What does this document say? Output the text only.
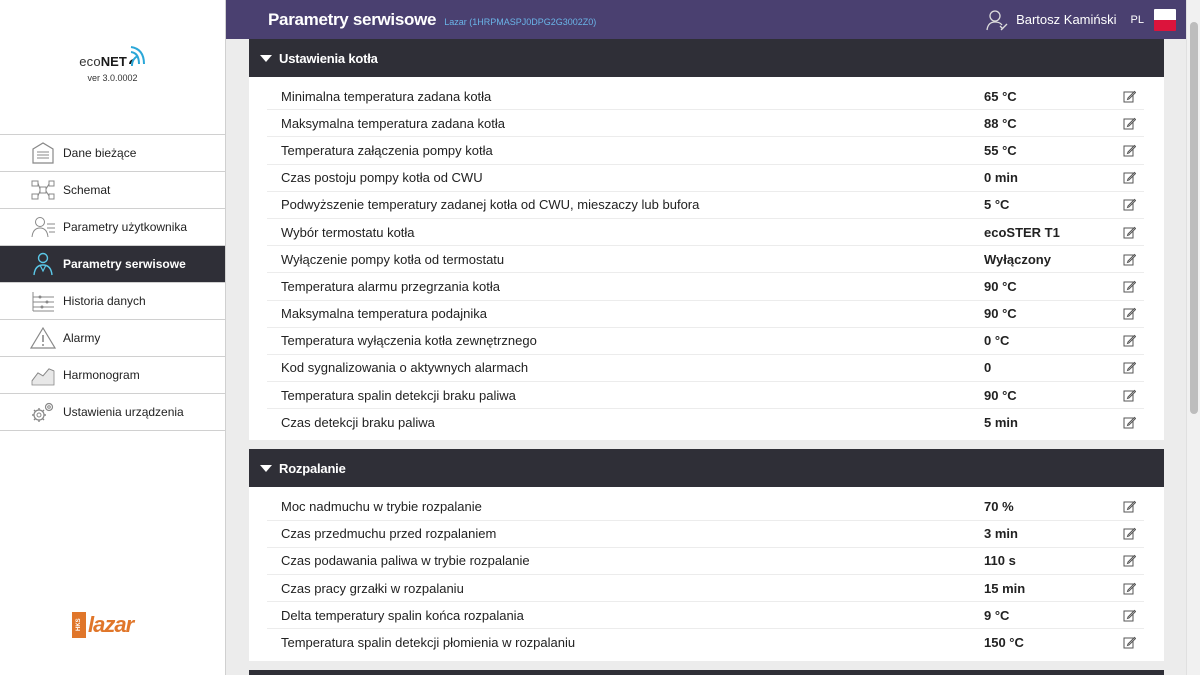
eco NET
ver 3.0.0002
Dane bieżące
Schemat
Parametry użytkownika
Parametry serwisowe
Historia danych
Alarmy
Harmonogram
Ustawienia urządzenia
HKS lazar
Parametry serwisowe Lazar (1HRPMASPJ0DPG2G3002Z0)	Bartosz Kamiński PL
Ustawienia kotła
Minimalna temperatura zadana kotła	65 °C
Maksymalna temperatura zadana kotła	88 °C
Temperatura załączenia pompy kotła	55 °C
Czas postoju pompy kotła od CWU	0 min
Podwyższenie temperatury zadanej kotła od CWU, mieszaczy lub bufora	5 °C
Wybór termostatu kotła	ecoSTER T1
Wyłączenie pompy kotła od termostatu	Wyłączony
Temperatura alarmu przegrzania kotła	90 °C
Maksymalna temperatura podajnika	90 °C
Temperatura wyłączenia kotła zewnętrznego	0 °C
Kod sygnalizowania o aktywnych alarmach	0
Temperatura spalin detekcji braku paliwa	90 °C
Czas detekcji braku paliwa	5 min
Rozpalanie
Moc nadmuchu w trybie rozpalanie	70 %
Czas przedmuchu przed rozpalaniem	3 min
Czas podawania paliwa w trybie rozpalanie	110 s
Czas pracy grzałki w rozpalaniu	15 min
Delta temperatury spalin końca rozpalania	9 °C
Temperatura spalin detekcji płomienia w rozpalaniu	150 °C
